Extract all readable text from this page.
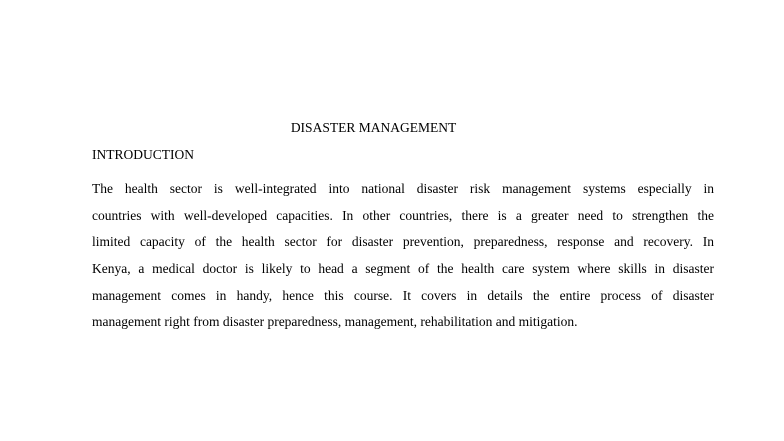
DISASTER MANAGEMENT
INTRODUCTION
The health sector is well-integrated into national disaster risk management systems especially in
countries with well-developed capacities. In other countries, there is a greater need to strengthen the
limited capacity of the health sector for disaster prevention, preparedness, response and recovery. In
Kenya, a medical doctor is likely to head a segment of the health care system where skills in disaster
management comes in handy, hence this course. It covers in details the entire process of disaster
management right from disaster preparedness, management, rehabilitation and mitigation.
